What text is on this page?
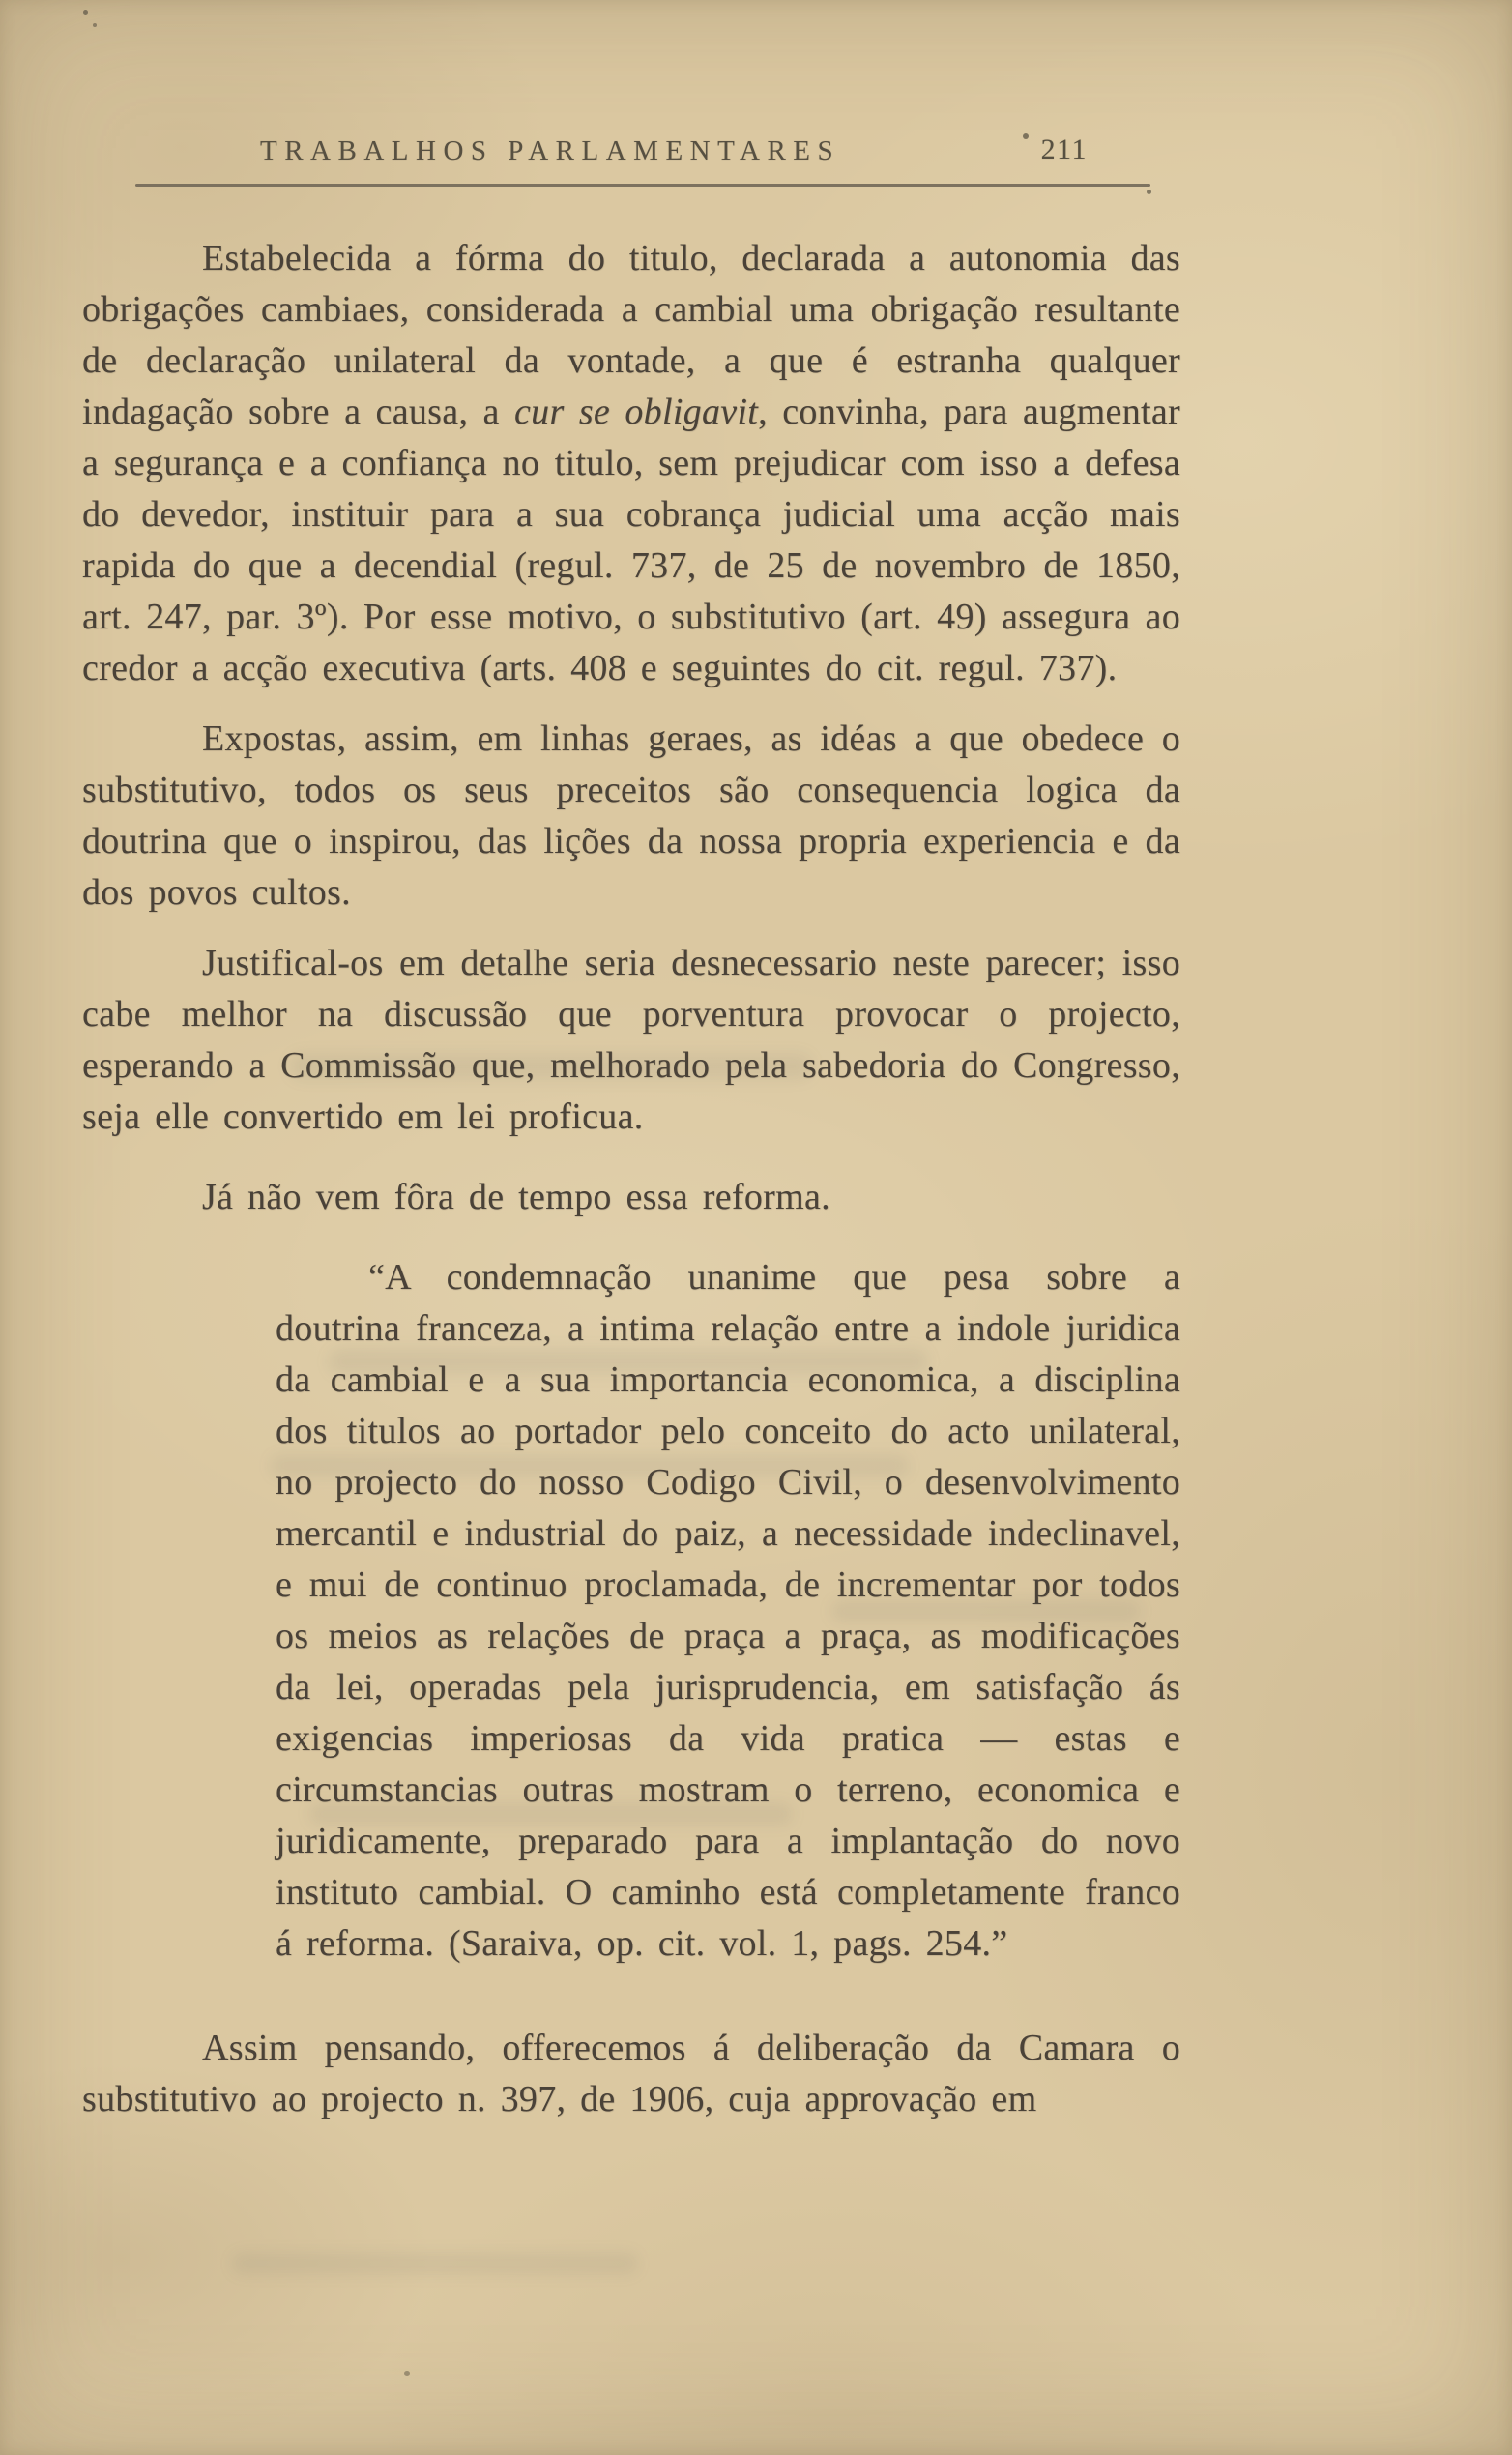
TRABALHOS PARLAMENTARES	211

Estabelecida a fórma do titulo, declarada a autonomia das obrigações cambiaes, considerada a cambial uma obrigação resultante de declaração unilateral da vontade, a que é estranha qualquer indagação sobre a causa, a cur se obligavit, convinha, para augmentar a segurança e a confiança no titulo, sem prejudicar com isso a defesa do devedor, instituir para a sua cobrança judicial uma acção mais rapida do que a decendial (regul. 737, de 25 de novembro de 1850, art. 247, par. 3º). Por esse motivo, o substitutivo (art. 49) assegura ao credor a acção executiva (arts. 408 e seguintes do cit. regul. 737).

Expostas, assim, em linhas geraes, as idéas a que obedece o substitutivo, todos os seus preceitos são consequencia logica da doutrina que o inspirou, das lições da nossa propria experiencia e da dos povos cultos.

Justifical-os em detalhe seria desnecessario neste parecer; isso cabe melhor na discussão que porventura provocar o projecto, esperando a Commissão que, melhorado pela sabedoria do Congresso, seja elle convertido em lei proficua.

Já não vem fôra de tempo essa reforma.

“A condemnação unanime que pesa sobre a doutrina franceza, a intima relação entre a indole juridica da cambial e a sua importancia economica, a disciplina dos titulos ao portador pelo conceito do acto unilateral, no projecto do nosso Codigo Civil, o desenvolvimento mercantil e industrial do paiz, a necessidade indeclinavel, e mui de continuo proclamada, de incrementar por todos os meios as relações de praça a praça, as modificações da lei, operadas pela jurisprudencia, em satisfação ás exigencias imperiosas da vida pratica — estas e circumstancias outras mostram o terreno, economica e juridicamente, preparado para a implantação do novo instituto cambial. O caminho está completamente franco á reforma. (Saraiva, op. cit. vol. 1, pags. 254.”

Assim pensando, offerecemos á deliberação da Camara o substitutivo ao projecto n. 397, de 1906, cuja approvação em
